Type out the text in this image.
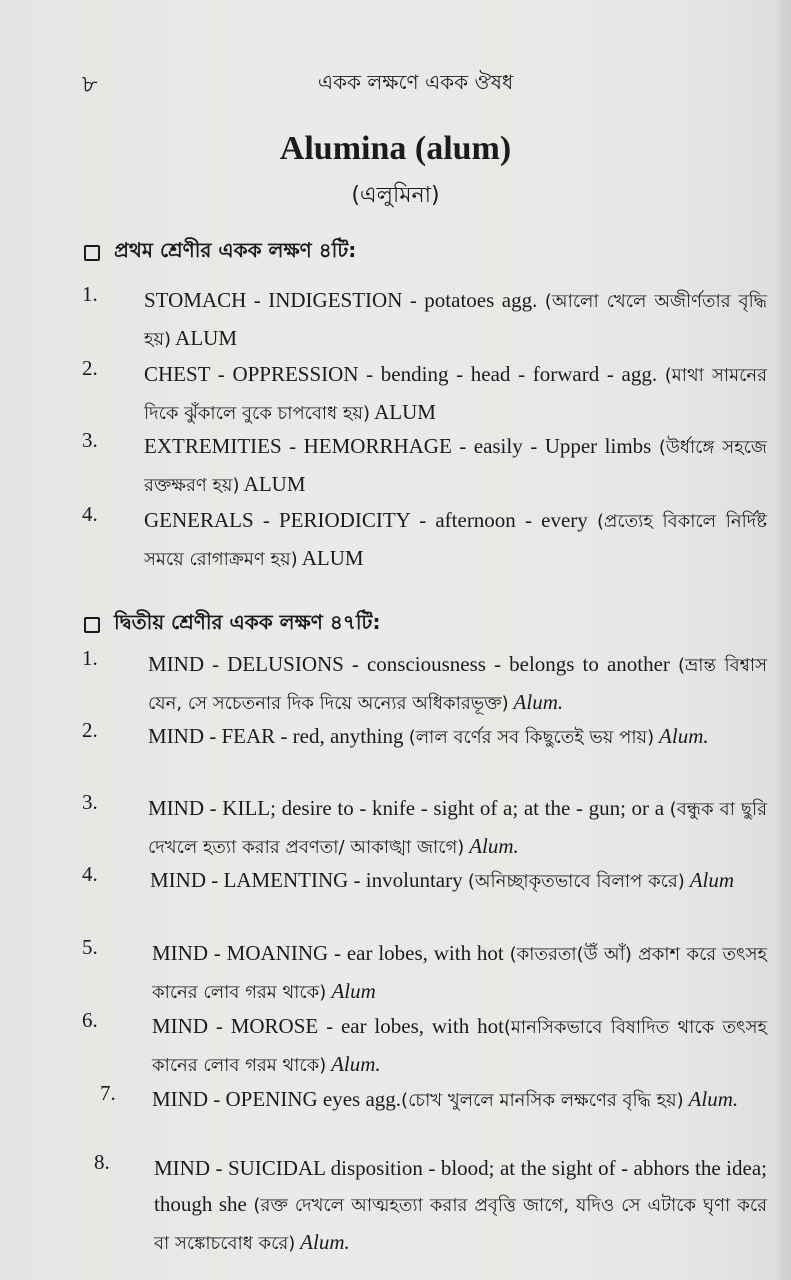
৮	একক লক্ষণে একক ঔষধ
Alumina (alum)
(এলুমিনা)
প্রথম শ্রেণীর একক লক্ষণ ৪টি:
1. STOMACH - INDIGESTION - potatoes agg. (আলো খেলে অজীর্ণতার বৃদ্ধি হয়) ALUM
2. CHEST - OPPRESSION - bending - head - forward - agg. (মাথা সামনের দিকে ঝুঁকালে বুকে চাপবোধ হয়) ALUM
3. EXTREMITIES - HEMORRHAGE - easily - Upper limbs (উর্ধাঙ্গে সহজে রক্তক্ষরণ হয়) ALUM
4. GENERALS - PERIODICITY - afternoon - every (প্রত্যেহ বিকালে নির্দিষ্ট সময়ে রোগাক্রমণ হয়) ALUM
দ্বিতীয় শ্রেণীর একক লক্ষণ ৪৭টি:
1. MIND - DELUSIONS - consciousness - belongs to another (ভ্রান্ত বিশ্বাস যেন, সে সচেতনার দিক দিয়ে অন্যের অধিকারভূক্ত) Alum.
2. MIND - FEAR - red, anything (লাল বর্ণের সব কিছুতেই ভয় পায়) Alum.
3. MIND - KILL; desire to - knife - sight of a; at the - gun; or a (বন্ধুক বা ছুরি দেখলে হত্যা করার প্রবণতা/ আকাঙ্খা জাগে) Alum.
4. MIND - LAMENTING - involuntary (অনিচ্ছাকৃতভাবে বিলাপ করে) Alum
5.	MIND - MOANING - ear lobes, with hot (কাতরতা(উঁ আঁ) প্রকাশ করে তৎসহ কানের লোব গরম থাকে) Alum
6.	MIND - MOROSE - ear lobes, with hot(মানসিকভাবে বিষাদিত থাকে তৎসহ কানের লোব গরম থাকে) Alum.
7. MIND - OPENING eyes agg.(চোখ খুললে মানসিক লক্ষণের বৃদ্ধি হয়) Alum.
8. MIND - SUICIDAL disposition - blood; at the sight of - abhors the idea; though she (রক্ত দেখলে আত্মহত্যা করার প্রবৃত্তি জাগে, যদিও সে এটাকে ঘৃণা করে বা সঙ্কোচবোধ করে) Alum.
